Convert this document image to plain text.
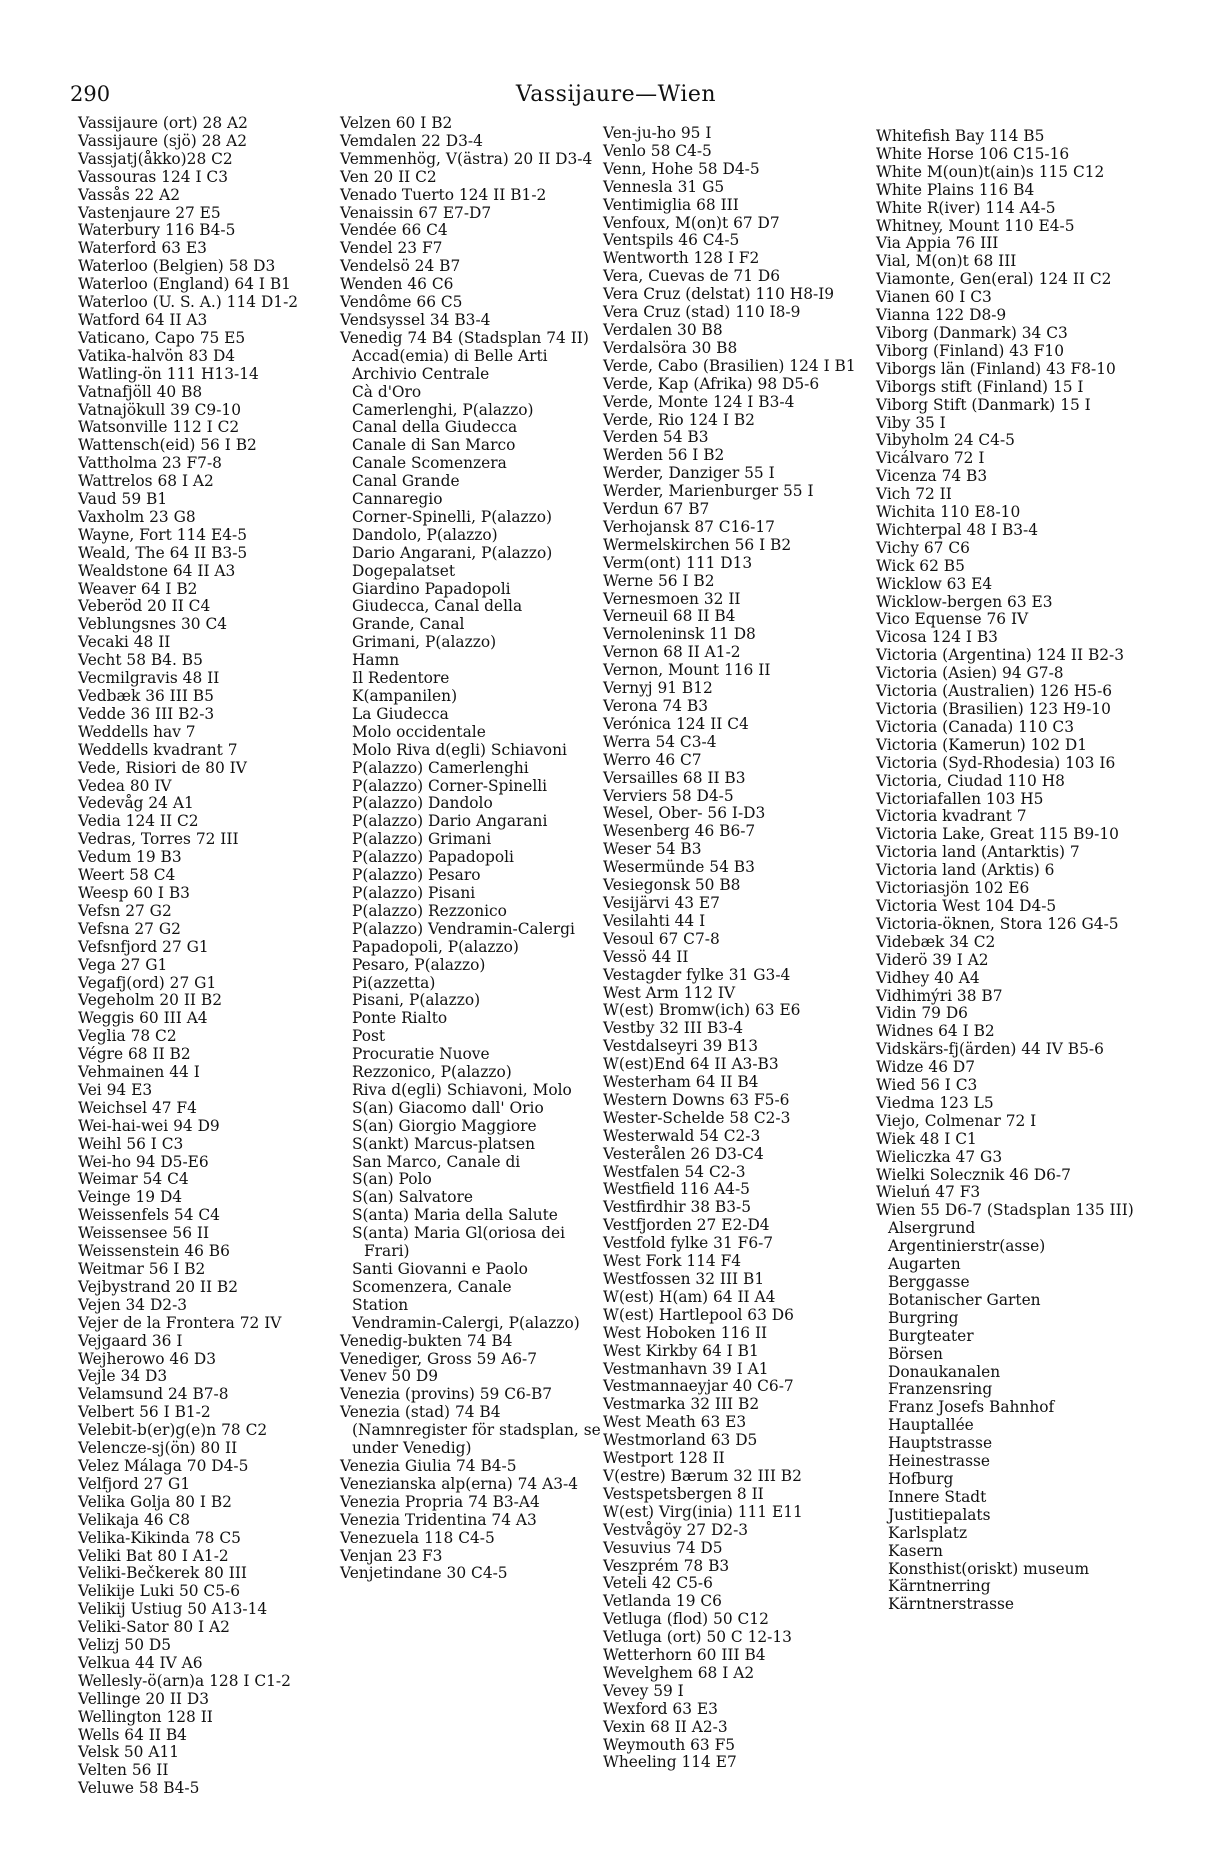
290	Vassijaure—Wien
Vassijaure (ort) 28 A2
Vassijaure (sjö) 28 A2
Vassjatj(åkko)28 C2
Vassouras 124 I C3
Vassås 22 A2
Vastenjaure 27 E5
Waterbury 116 B4-5
Waterford 63 E3
Waterloo (Belgien) 58 D3
Waterloo (England) 64 I B1
Waterloo (U. S. A.) 114 D1-2
Watford 64 II A3
Vaticano, Capo 75 E5
Vatika-halvön 83 D4
Watling-ön 111 H13-14
Vatnafjöll 40 B8
Vatnajökull 39 C9-10
Watsonville 112 I C2
Wattensch(eid) 56 I B2
Vattholma 23 F7-8
Wattrelos 68 I A2
Vaud 59 B1
Vaxholm 23 G8
Wayne, Fort 114 E4-5
Weald, The 64 II B3-5
Wealdstone 64 II A3
Weaver 64 I B2
Veberöd 20 II C4
Veblungsnes 30 C4
Vecaki 48 II
Vecht 58 B4. B5
Vecmilgravis 48 II
Vedbæk 36 III B5
Vedde 36 III B2-3
Weddells hav 7
Weddells kvadrant 7
Vede, Risiori de 80 IV
Vedea 80 IV
Vedevåg 24 A1
Vedia 124 II C2
Vedras, Torres 72 III
Vedum 19 B3
Weert 58 C4
Weesp 60 I B3
Vefsn 27 G2
Vefsna 27 G2
Vefsnfjord 27 G1
Vega 27 G1
Vegafj(ord) 27 G1
Vegeholm 20 II B2
Weggis 60 III A4
Veglia 78 C2
Végre 68 II B2
Vehmainen 44 I
Vei 94 E3
Weichsel 47 F4
Wei-hai-wei 94 D9
Weihl 56 I C3
Wei-ho 94 D5-E6
Weimar 54 C4
Veinge 19 D4
Weissenfels 54 C4
Weissensee 56 II
Weissenstein 46 B6
Weitmar 56 I B2
Vejbystrand 20 II B2
Vejen 34 D2-3
Vejer de la Frontera 72 IV
Vejgaard 36 I
Wejherowo 46 D3
Vejle 34 D3
Velamsund 24 B7-8
Velbert 56 I B1-2
Velebit-b(er)g(e)n 78 C2
Velencze-sj(ön) 80 II
Velez Málaga 70 D4-5
Velfjord 27 G1
Velika Golja 80 I B2
Velikaja 46 C8
Velika-Kikinda 78 C5
Veliki Bat 80 I A1-2
Veliki-Bečkerek 80 III
Velikije Luki 50 C5-6
Velikij Ustiug 50 A13-14
Veliki-Sator 80 I A2
Velizj 50 D5
Velkua 44 IV A6
Wellesly-ö(arn)a 128 I C1-2
Vellinge 20 II D3
Wellington 128 II
Wells 64 II B4
Velsk 50 A11
Velten 56 II
Veluwe 58 B4-5
Velzen 60 I B2
Vemdalen 22 D3-4
Vemmenhög, V(ästra) 20 II D3-4
Ven 20 II C2
Venado Tuerto 124 II B1-2
Venaissin 67 E7-D7
Vendée 66 C4
Vendel 23 F7
Vendelsö 24 B7
Wenden 46 C6
Vendôme 66 C5
Vendsyssel 34 B3-4
Venedig 74 B4 (Stadsplan 74 II)
Accad(emia) di Belle Arti
Archivio Centrale
Cà d'Oro
Camerlenghi, P(alazzo)
Canal della Giudecca
Canale di San Marco
Canale Scomenzera
Canal Grande
Cannaregio
Corner-Spinelli, P(alazzo)
Dandolo, P(alazzo)
Dario Angarani, P(alazzo)
Dogepalatset
Giardino Papadopoli
Giudecca, Canal della
Grande, Canal
Grimani, P(alazzo)
Hamn
Il Redentore
K(ampanilen)
La Giudecca
Molo occidentale
Molo Riva d(egli) Schiavoni
P(alazzo) Camerlenghi
P(alazzo) Corner-Spinelli
P(alazzo) Dandolo
P(alazzo) Dario Angarani
P(alazzo) Grimani
P(alazzo) Papadopoli
P(alazzo) Pesaro
P(alazzo) Pisani
P(alazzo) Rezzonico
P(alazzo) Vendramin-Calergi
Papadopoli, P(alazzo)
Pesaro, P(alazzo)
Pi(azzetta)
Pisani, P(alazzo)
Ponte Rialto
Post
Procuratie Nuove
Rezzonico, P(alazzo)
Riva d(egli) Schiavoni, Molo
S(an) Giacomo dall' Orio
S(an) Giorgio Maggiore
S(ankt) Marcus-platsen
San Marco, Canale di
S(an) Polo
S(an) Salvatore
S(anta) Maria della Salute
S(anta) Maria Gl(oriosa dei Frari)
Santi Giovanni e Paolo
Scomenzera, Canale
Station
Vendramin-Calergi, P(alazzo)
Venedig-bukten 74 B4
Venediger, Gross 59 A6-7
Venev 50 D9
Venezia (provins) 59 C6-B7
Venezia (stad) 74 B4 (Namnregister för stadsplan, se under Venedig)
Venezia Giulia 74 B4-5
Venezianska alp(erna) 74 A3-4
Venezia Propria 74 B3-A4
Venezia Tridentina 74 A3
Venezuela 118 C4-5
Venjan 23 F3
Venjetindane 30 C4-5
Ven-ju-ho 95 I
Venlo 58 C4-5
Venn, Hohe 58 D4-5
Vennesla 31 G5
Ventimiglia 68 III
Venfoux, M(on)t 67 D7
Ventspils 46 C4-5
Wentworth 128 I F2
Vera, Cuevas de 71 D6
Vera Cruz (delstat) 110 H8-I9
Vera Cruz (stad) 110 I8-9
Verdalen 30 B8
Verdalsöra 30 B8
Verde, Cabo (Brasilien) 124 I B1
Verde, Kap (Afrika) 98 D5-6
Verde, Monte 124 I B3-4
Verde, Rio 124 I B2
Verden 54 B3
Werden 56 I B2
Werder, Danziger 55 I
Werder, Marienburger 55 I
Verdun 67 B7
Verhojansk 87 C16-17
Wermelskirchen 56 I B2
Verm(ont) 111 D13
Werne 56 I B2
Vernesmoen 32 II
Verneuil 68 II B4
Vernoleninsk 11 D8
Vernon 68 II A1-2
Vernon, Mount 116 II
Vernyj 91 B12
Verona 74 B3
Verónica 124 II C4
Werra 54 C3-4
Werro 46 C7
Versailles 68 II B3
Verviers 58 D4-5
Wesel, Ober- 56 I-D3
Wesenberg 46 B6-7
Weser 54 B3
Wesermünde 54 B3
Vesiegonsk 50 B8
Vesijärvi 43 E7
Vesilahti 44 I
Vesoul 67 C7-8
Vessö 44 II
Vestagder fylke 31 G3-4
West Arm 112 IV
W(est) Bromw(ich) 63 E6
Vestby 32 III B3-4
Vestdalseyri 39 B13
W(est)End 64 II A3-B3
Westerham 64 II B4
Western Downs 63 F5-6
Wester-Schelde 58 C2-3
Westerwald 54 C2-3
Vesterålen 26 D3-C4
Westfalen 54 C2-3
Westfield 116 A4-5
Vestfirdhir 38 B3-5
Vestfjorden 27 E2-D4
Vestfold fylke 31 F6-7
West Fork 114 F4
Westfossen 32 III B1
W(est) H(am) 64 II A4
W(est) Hartlepool 63 D6
West Hoboken 116 II
West Kirkby 64 I B1
Vestmanhavn 39 I A1
Vestmannaeyjar 40 C6-7
Vestmarka 32 III B2
West Meath 63 E3
Westmorland 63 D5
Westport 128 II
V(estre) Bærum 32 III B2
Vestspetsbergen 8 II
W(est) Virg(inia) 111 E11
Vestvågöy 27 D2-3
Vesuvius 74 D5
Veszprém 78 B3
Veteli 42 C5-6
Vetlanda 19 C6
Vetluga (flod) 50 C12
Vetluga (ort) 50 C 12-13
Wetterhorn 60 III B4
Wevelghem 68 I A2
Vevey 59 I
Wexford 63 E3
Vexin 68 II A2-3
Weymouth 63 F5
Wheeling 114 E7
Whitefish Bay 114 B5
White Horse 106 C15-16
White M(oun)t(ain)s 115 C12
White Plains 116 B4
White R(iver) 114 A4-5
Whitney, Mount 110 E4-5
Via Appia 76 III
Vial, M(on)t 68 III
Viamonte, Gen(eral) 124 II C2
Vianen 60 I C3
Vianna 122 D8-9
Viborg (Danmark) 34 C3
Viborg (Finland) 43 F10
Viborgs län (Finland) 43 F8-10
Viborgs stift (Finland) 15 I
Viborg Stift (Danmark) 15 I
Viby 35 I
Vibyholm 24 C4-5
Vicálvaro 72 I
Vicenza 74 B3
Vich 72 II
Wichita 110 E8-10
Wichterpal 48 I B3-4
Vichy 67 C6
Wick 62 B5
Wicklow 63 E4
Wicklow-bergen 63 E3
Vico Equense 76 IV
Vicosa 124 I B3
Victoria (Argentina) 124 II B2-3
Victoria (Asien) 94 G7-8
Victoria (Australien) 126 H5-6
Victoria (Brasilien) 123 H9-10
Victoria (Canada) 110 C3
Victoria (Kamerun) 102 D1
Victoria (Syd-Rhodesia) 103 I6
Victoria, Ciudad 110 H8
Victoriafallen 103 H5
Victoria kvadrant 7
Victoria Lake, Great 115 B9-10
Victoria land (Antarktis) 7
Victoria land (Arktis) 6
Victoriasjön 102 E6
Victoria West 104 D4-5
Victoria-öknen, Stora 126 G4-5
Videbæk 34 C2
Viderö 39 I A2
Vidhey 40 A4
Vidhimýri 38 B7
Vidin 79 D6
Widnes 64 I B2
Vidskärs-fj(ärden) 44 IV B5-6
Widze 46 D7
Wied 56 I C3
Viedma 123 L5
Viejo, Colmenar 72 I
Wiek 48 I C1
Wieliczka 47 G3
Wielki Solecznik 46 D6-7
Wieluń 47 F3
Wien 55 D6-7 (Stadsplan 135 III)
Alsergrund
Argentinierstr(asse)
Augarten
Berggasse
Botanischer Garten
Burgring
Burgteater
Börsen
Donaukanalen
Franzensring
Franz Josefs Bahnhof
Hauptallée
Hauptstrasse
Heinestrasse
Hofburg
Innere Stadt
Justitiepalats
Karlsplatz
Kasern
Konsthist(oriskt) museum
Kärntnerring
Kärntnerstrasse
